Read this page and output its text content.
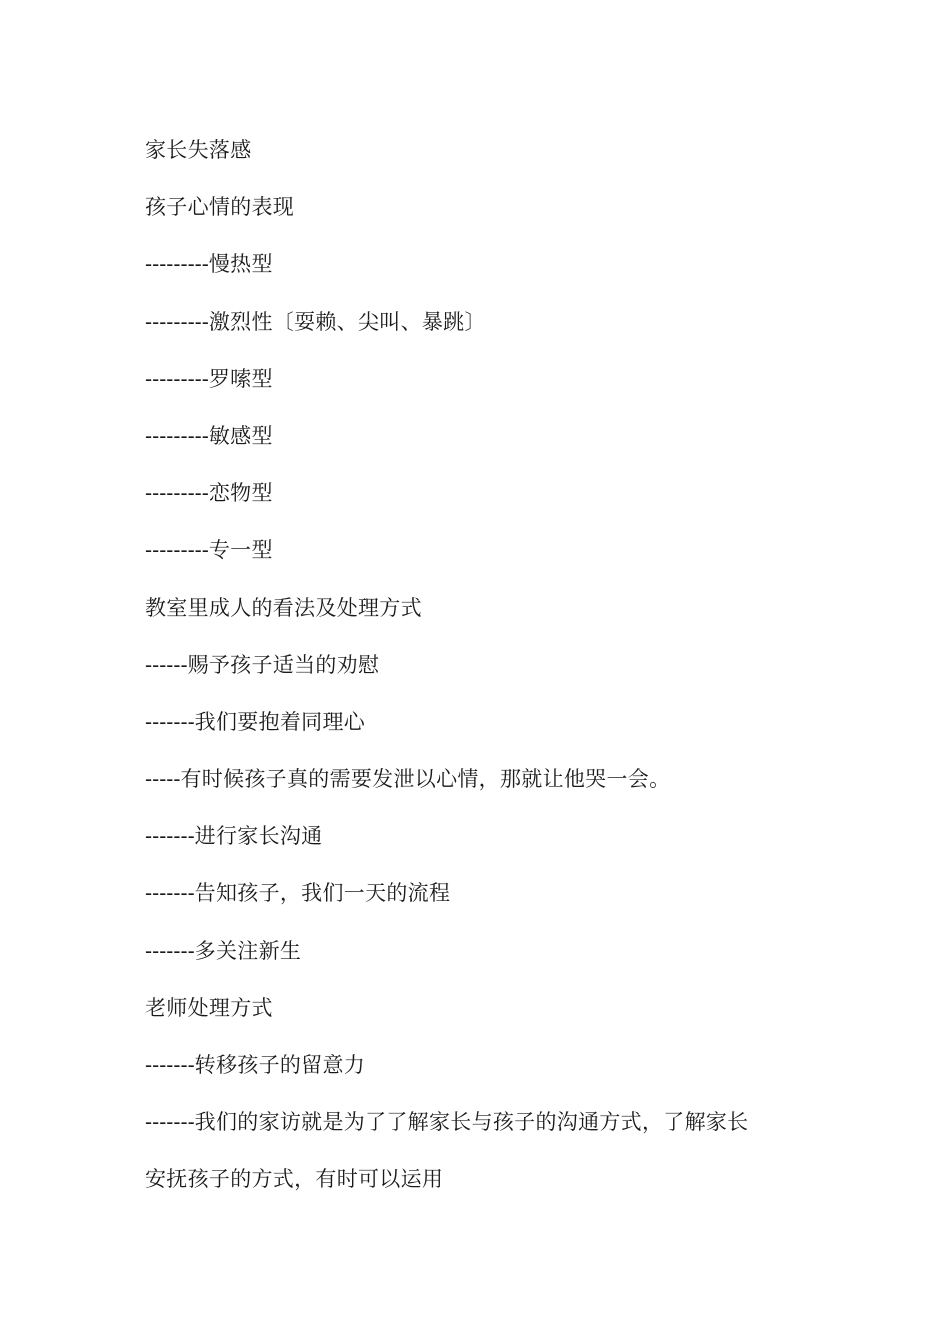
家长失落感
孩子心情的表现
---------慢热型
---------激烈性〔耍赖、尖叫、暴跳〕
---------罗嗦型
---------敏感型
---------恋物型
---------专一型
教室里成人的看法及处理方式
------赐予孩子适当的劝慰
-------我们要抱着同理心
-----有时候孩子真的需要发泄以心情，那就让他哭一会。
-------进行家长沟通
-------告知孩子，我们一天的流程
-------多关注新生
老师处理方式
-------转移孩子的留意力
-------我们的家访就是为了了解家长与孩子的沟通方式，了解家长
安抚孩子的方式，有时可以运用
